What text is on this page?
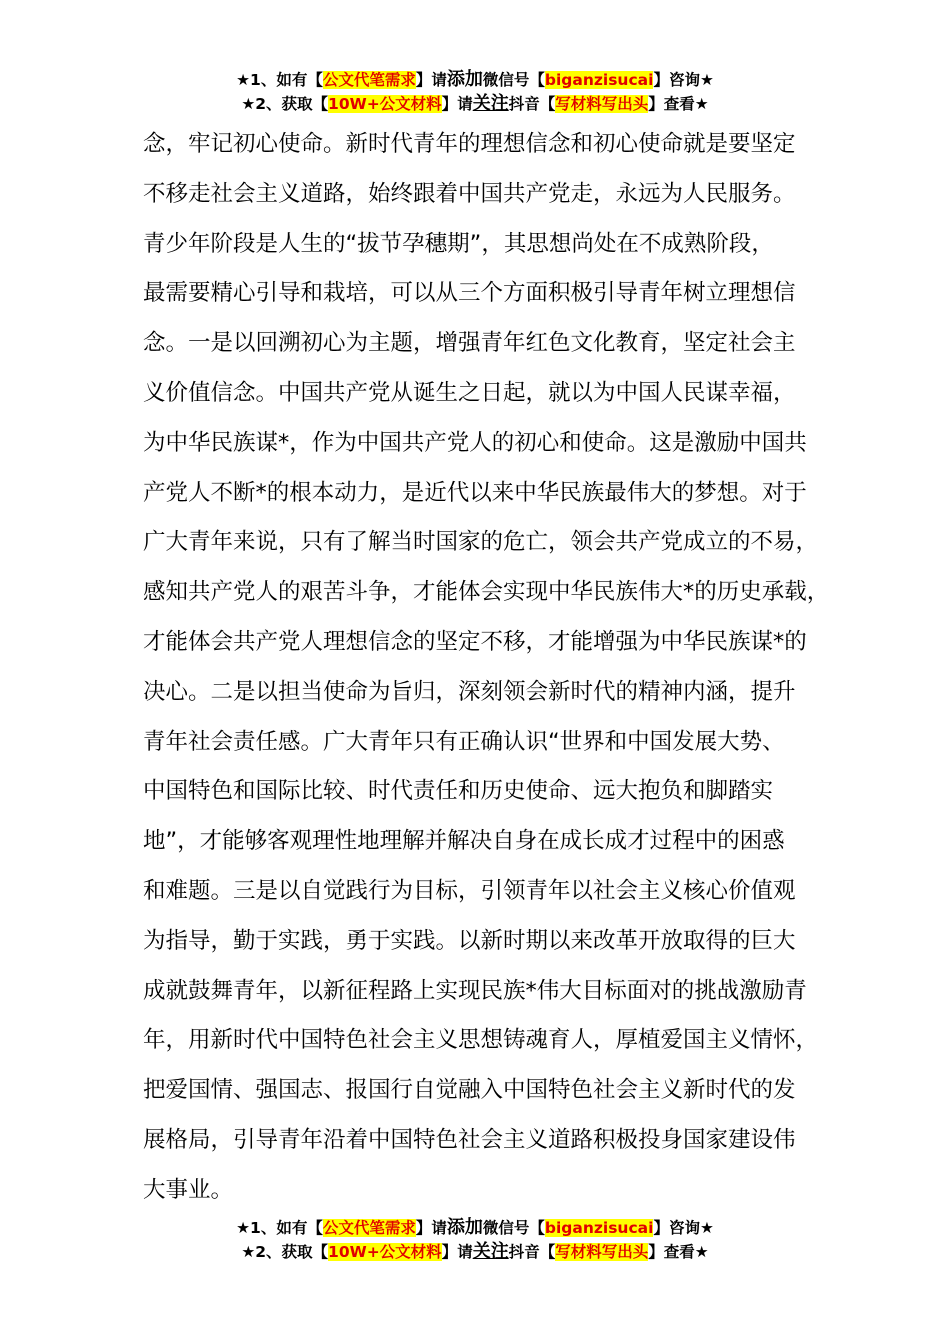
★1、如有【公文代笔需求】请添加微信号【biganzisucai】咨询★
★2、获取【10W+公文材料】请关注抖音【写材料写出头】查看★

念，牢记初心使命。新时代青年的理想信念和初心使命就是要坚定

不移走社会主义道路，始终跟着中国共产党走，永远为人民服务。

青少年阶段是人生的“拔节孕穗期”，其思想尚处在不成熟阶段，

最需要精心引导和栽培，可以从三个方面积极引导青年树立理想信

念。一是以回溯初心为主题，增强青年红色文化教育，坚定社会主

义价值信念。中国共产党从诞生之日起，就以为中国人民谋幸福，

为中华民族谋*，作为中国共产党人的初心和使命。这是激励中国共

产党人不断*的根本动力，是近代以来中华民族最伟大的梦想。对于

广大青年来说，只有了解当时国家的危亡，领会共产党成立的不易，

感知共产党人的艰苦斗争，才能体会实现中华民族伟大*的历史承载，

才能体会共产党人理想信念的坚定不移，才能增强为中华民族谋*的

决心。二是以担当使命为旨归，深刻领会新时代的精神内涵，提升

青年社会责任感。广大青年只有正确认识“世界和中国发展大势、

中国特色和国际比较、时代责任和历史使命、远大抱负和脚踏实

地”，才能够客观理性地理解并解决自身在成长成才过程中的困惑

和难题。三是以自觉践行为目标，引领青年以社会主义核心价值观

为指导，勤于实践，勇于实践。以新时期以来改革开放取得的巨大

成就鼓舞青年，以新征程路上实现民族*伟大目标面对的挑战激励青

年，用新时代中国特色社会主义思想铸魂育人，厚植爱国主义情怀，

把爱国情、强国志、报国行自觉融入中国特色社会主义新时代的发

展格局，引导青年沿着中国特色社会主义道路积极投身国家建设伟

大事业。

★1、如有【公文代笔需求】请添加微信号【biganzisucai】咨询★
★2、获取【10W+公文材料】请关注抖音【写材料写出头】查看★
